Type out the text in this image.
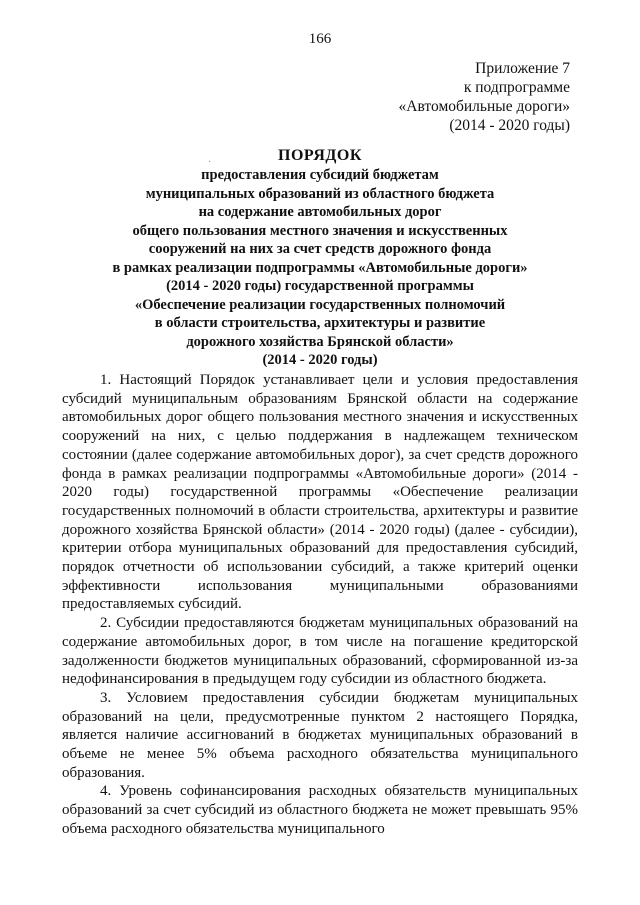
166
Приложение 7
к подпрограмме
«Автомобильные дороги»
(2014 - 2020 годы)
·	ПОРЯДОК
предоставления субсидий бюджетам
муниципальных образований из областного бюджета
на содержание автомобильных дорог
общего пользования местного значения и искусственных
сооружений на них за счет средств дорожного фонда
в рамках реализации подпрограммы «Автомобильные дороги»
(2014 - 2020 годы) государственной программы
«Обеспечение реализации государственных полномочий
в области строительства, архитектуры и развитие
дорожного хозяйства Брянской области»
(2014 - 2020 годы)

1. Настоящий Порядок устанавливает цели и условия предоставления субсидий муниципальным образованиям Брянской области на содержание автомобильных дорог общего пользования местного значения и искусственных сооружений на них, с целью поддержания в надлежащем техническом состоянии (далее содержание автомобильных дорог), за счет средств дорожного фонда в рамках реализации подпрограммы «Автомобильные дороги» (2014 - 2020 годы) государственной программы «Обеспечение реализации государственных полномочий в области строительства, архитектуры и развитие дорожного хозяйства Брянской области» (2014 - 2020 годы) (далее - субсидии), критерии отбора муниципальных образований для предоставления субсидий, порядок отчетности об использовании субсидий, а также критерий оценки эффективности использования муниципальными образованиями предоставляемых субсидий.

2. Субсидии предоставляются бюджетам муниципальных образований на содержание автомобильных дорог, в том числе на погашение кредиторской задолженности бюджетов муниципальных образований, сформированной из-за недофинансирования в предыдущем году субсидии из областного бюджета.

3. Условием предоставления субсидии бюджетам муниципальных образований на цели, предусмотренные пунктом 2 настоящего Порядка, является наличие ассигнований в бюджетах муниципальных образований в объеме не менее 5% объема расходного обязательства муниципального образования.

4. Уровень софинансирования расходных обязательств муниципальных образований за счет субсидий из областного бюджета не может превышать 95% объема расходного обязательства муниципального
